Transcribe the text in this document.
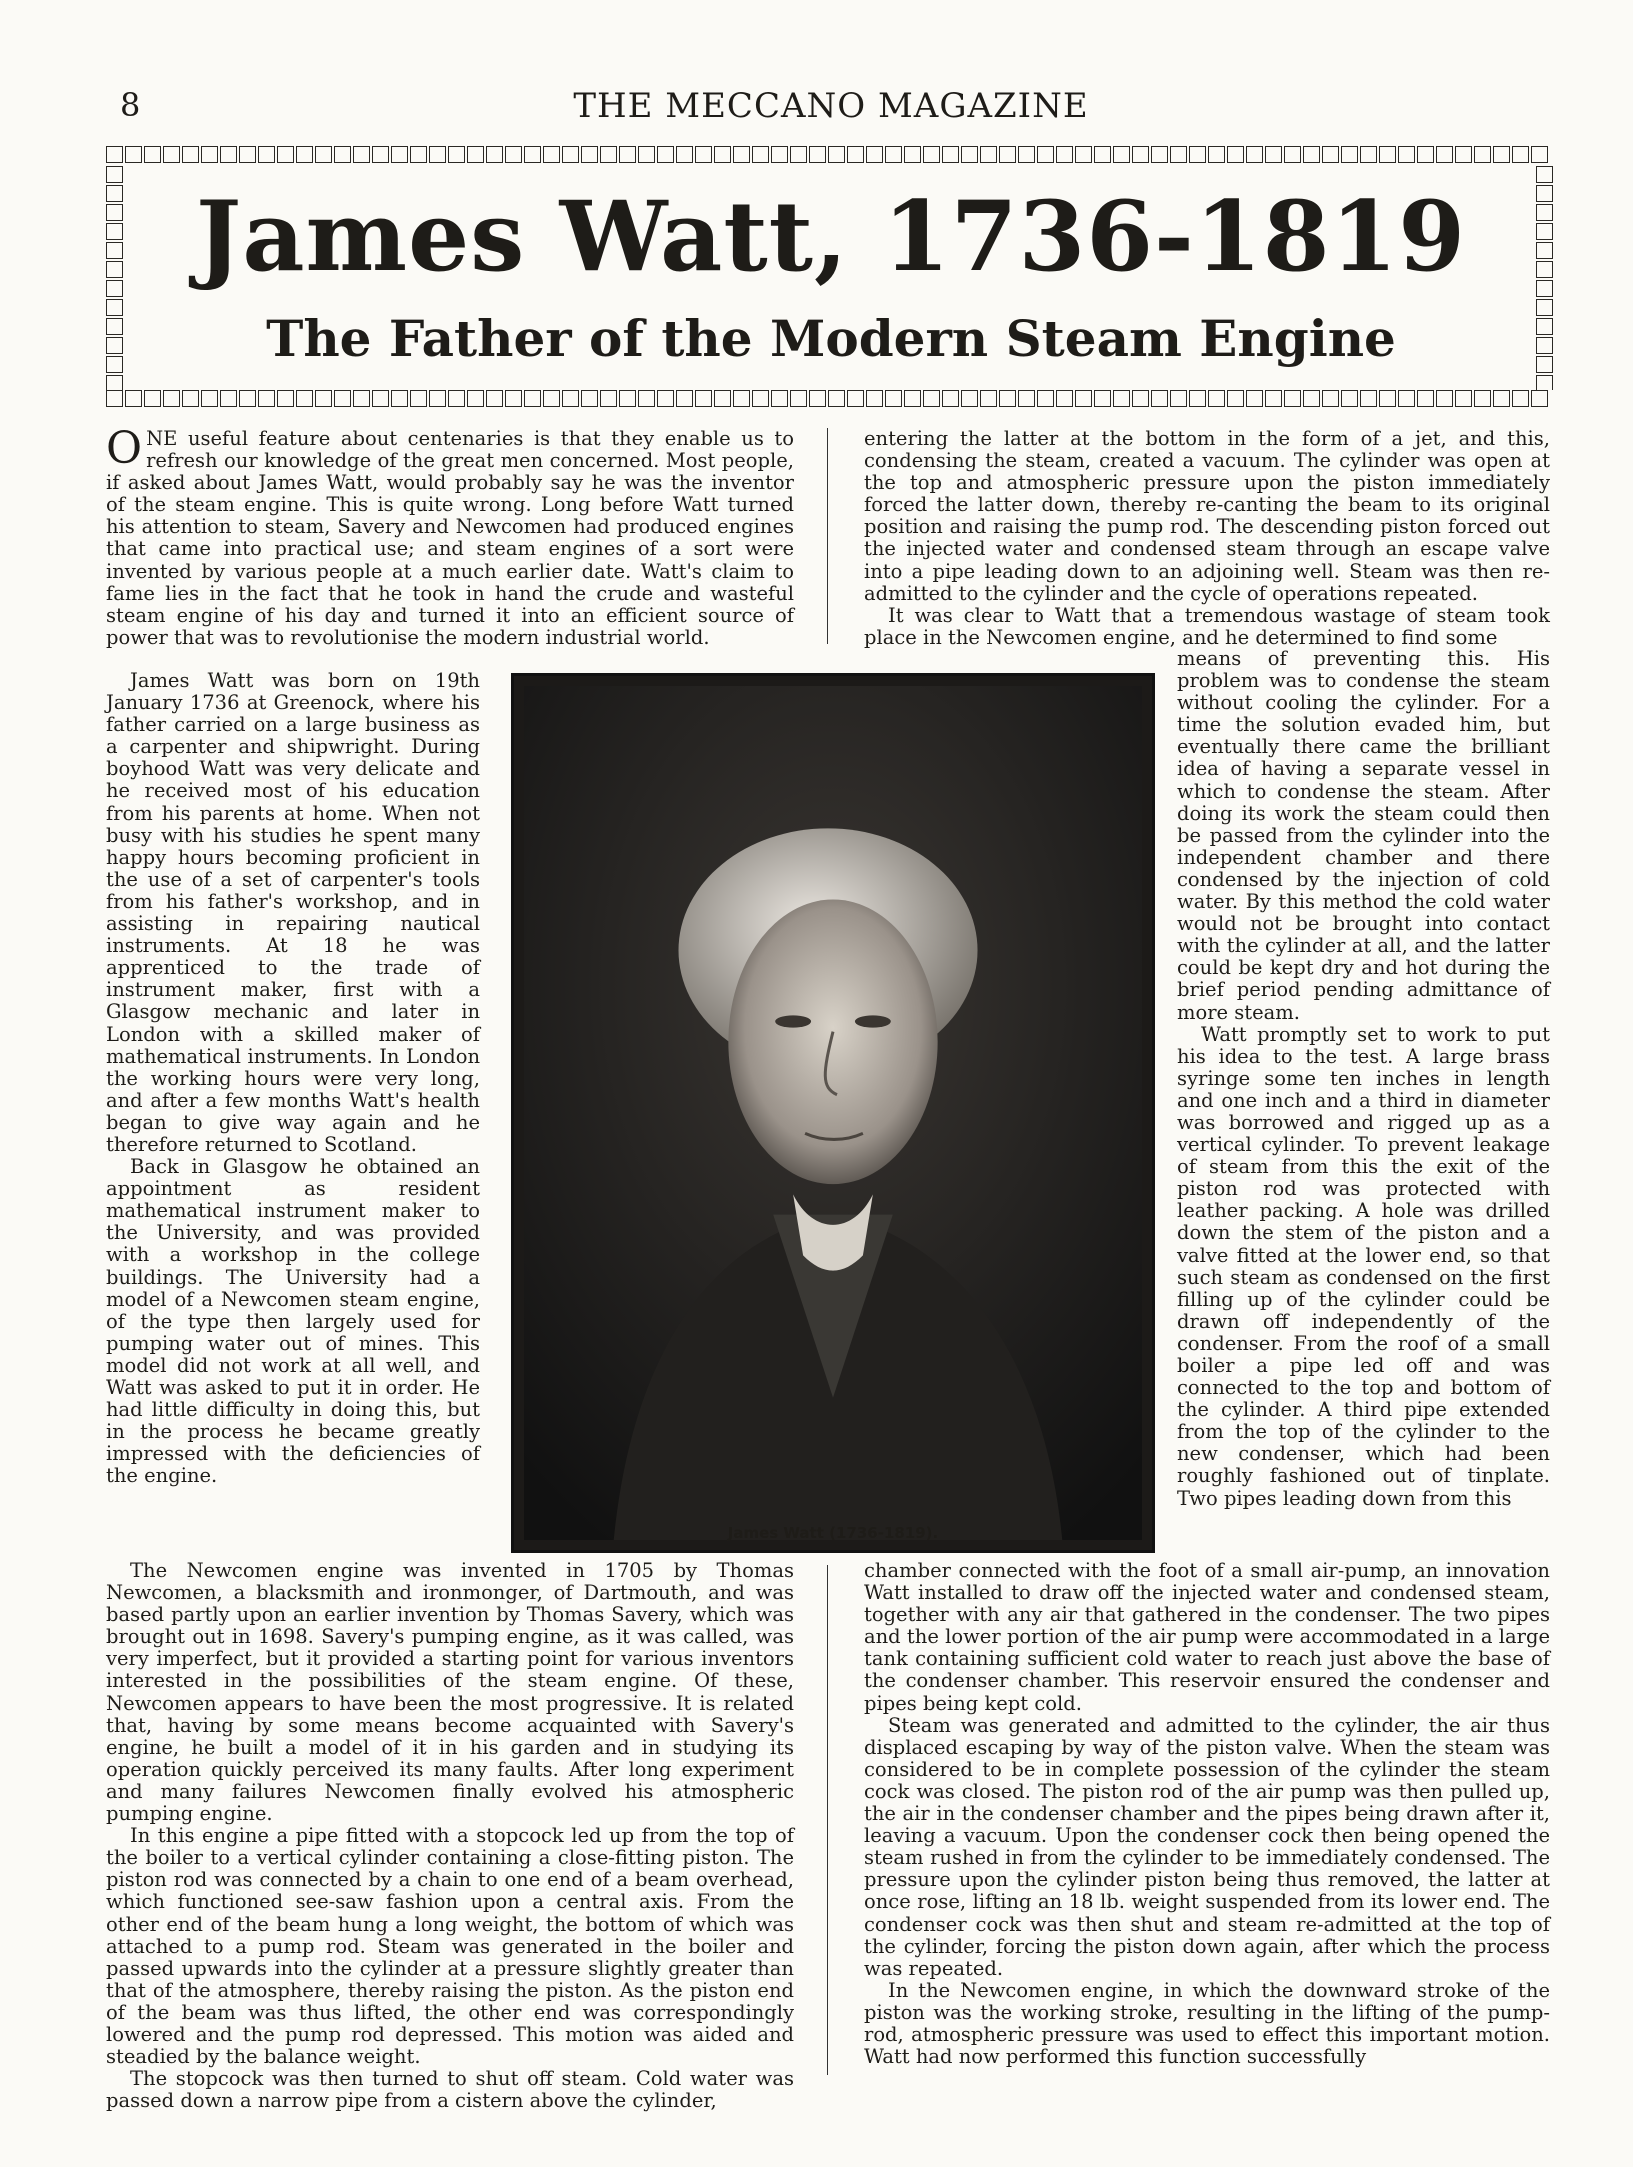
8	THE MECCANO MAGAZINE
James Watt, 1736-1819
The Father of the Modern Steam Engine

ONE useful feature about centenaries is that they enable us to refresh our knowledge of the great men concerned. Most people, if asked about James Watt, would probably say he was the inventor of the steam engine. This is quite wrong. Long before Watt turned his attention to steam, Savery and Newcomen had produced engines that came into practical use; and steam engines of a sort were invented by various people at a much earlier date. Watt's claim to fame lies in the fact that he took in hand the crude and wasteful steam engine of his day and turned it into an efficient source of power that was to revolutionise the modern industrial world.

James Watt was born on 19th January 1736 at Greenock, where his father carried on a large business as a carpenter and shipwright. During boyhood Watt was very delicate and he received most of his education from his parents at home. When not busy with his studies he spent many happy hours becoming proficient in the use of a set of carpenter's tools from his father's workshop, and in assisting in repairing nautical instruments. At 18 he was apprenticed to the trade of instrument maker, first with a Glasgow mechanic and later in London with a skilled maker of mathematical instruments. In London the working hours were very long, and after a few months Watt's health began to give way again and he therefore returned to Scotland.

Back in Glasgow he obtained an appointment as resident mathematical instrument maker to the University, and was provided with a workshop in the college buildings. The University had a model of a Newcomen steam engine, of the type then largely used for pumping water out of mines. This model did not work at all well, and Watt was asked to put it in order. He had little difficulty in doing this, but in the process he became greatly impressed with the deficiencies of the engine.

The Newcomen engine was invented in 1705 by Thomas Newcomen, a blacksmith and ironmonger, of Dartmouth, and was based partly upon an earlier invention by Thomas Savery, which was brought out in 1698. Savery's pumping engine, as it was called, was very imperfect, but it provided a starting point for various inventors interested in the possibilities of the steam engine. Of these, Newcomen appears to have been the most progressive. It is related that, having by some means become acquainted with Savery's engine, he built a model of it in his garden and in studying its operation quickly perceived its many faults. After long experiment and many failures Newcomen finally evolved his atmospheric pumping engine.

In this engine a pipe fitted with a stopcock led up from the top of the boiler to a vertical cylinder containing a close-fitting piston. The piston rod was connected by a chain to one end of a beam overhead, which functioned see-saw fashion upon a central axis. From the other end of the beam hung a long weight, the bottom of which was attached to a pump rod. Steam was generated in the boiler and passed upwards into the cylinder at a pressure slightly greater than that of the atmosphere, thereby raising the piston. As the piston end of the beam was thus lifted, the other end was correspondingly lowered and the pump rod depressed. This motion was aided and steadied by the balance weight.

The stopcock was then turned to shut off steam. Cold water was passed down a narrow pipe from a cistern above the cylinder,

entering the latter at the bottom in the form of a jet, and this, condensing the steam, created a vacuum. The cylinder was open at the top and atmospheric pressure upon the piston immediately forced the latter down, thereby re-canting the beam to its original position and raising the pump rod. The descending piston forced out the injected water and condensed steam through an escape valve into a pipe leading down to an adjoining well. Steam was then re-admitted to the cylinder and the cycle of operations repeated.

It was clear to Watt that a tremendous wastage of steam took place in the Newcomen engine, and he determined to find some

means of preventing this. His problem was to condense the steam without cooling the cylinder. For a time the solution evaded him, but eventually there came the brilliant idea of having a separate vessel in which to condense the steam. After doing its work the steam could then be passed from the cylinder into the independent chamber and there condensed by the injection of cold water. By this method the cold water would not be brought into contact with the cylinder at all, and the latter could be kept dry and hot during the brief period pending admittance of more steam.

Watt promptly set to work to put his idea to the test. A large brass syringe some ten inches in length and one inch and a third in diameter was borrowed and rigged up as a vertical cylinder. To prevent leakage of steam from this the exit of the piston rod was protected with leather packing. A hole was drilled down the stem of the piston and a valve fitted at the lower end, so that such steam as condensed on the first filling up of the cylinder could be drawn off independently of the condenser. From the roof of a small boiler a pipe led off and was connected to the top and bottom of the cylinder. A third pipe extended from the top of the cylinder to the new condenser, which had been roughly fashioned out of tinplate. Two pipes leading down from this

chamber connected with the foot of a small air-pump, an innovation Watt installed to draw off the injected water and condensed steam, together with any air that gathered in the condenser. The two pipes and the lower portion of the air pump were accommodated in a large tank containing sufficient cold water to reach just above the base of the condenser chamber. This reservoir ensured the condenser and pipes being kept cold.

Steam was generated and admitted to the cylinder, the air thus displaced escaping by way of the piston valve. When the steam was considered to be in complete possession of the cylinder the steam cock was closed. The piston rod of the air pump was then pulled up, the air in the condenser chamber and the pipes being drawn after it, leaving a vacuum. Upon the condenser cock then being opened the steam rushed in from the cylinder to be immediately condensed. The pressure upon the cylinder piston being thus removed, the latter at once rose, lifting an 18 lb. weight suspended from its lower end. The condenser cock was then shut and steam re-admitted at the top of the cylinder, forcing the piston down again, after which the process was repeated.

In the Newcomen engine, in which the downward stroke of the piston was the working stroke, resulting in the lifting of the pump-rod, atmospheric pressure was used to effect this important motion. Watt had now performed this function successfully

James Watt (1736-1819).
